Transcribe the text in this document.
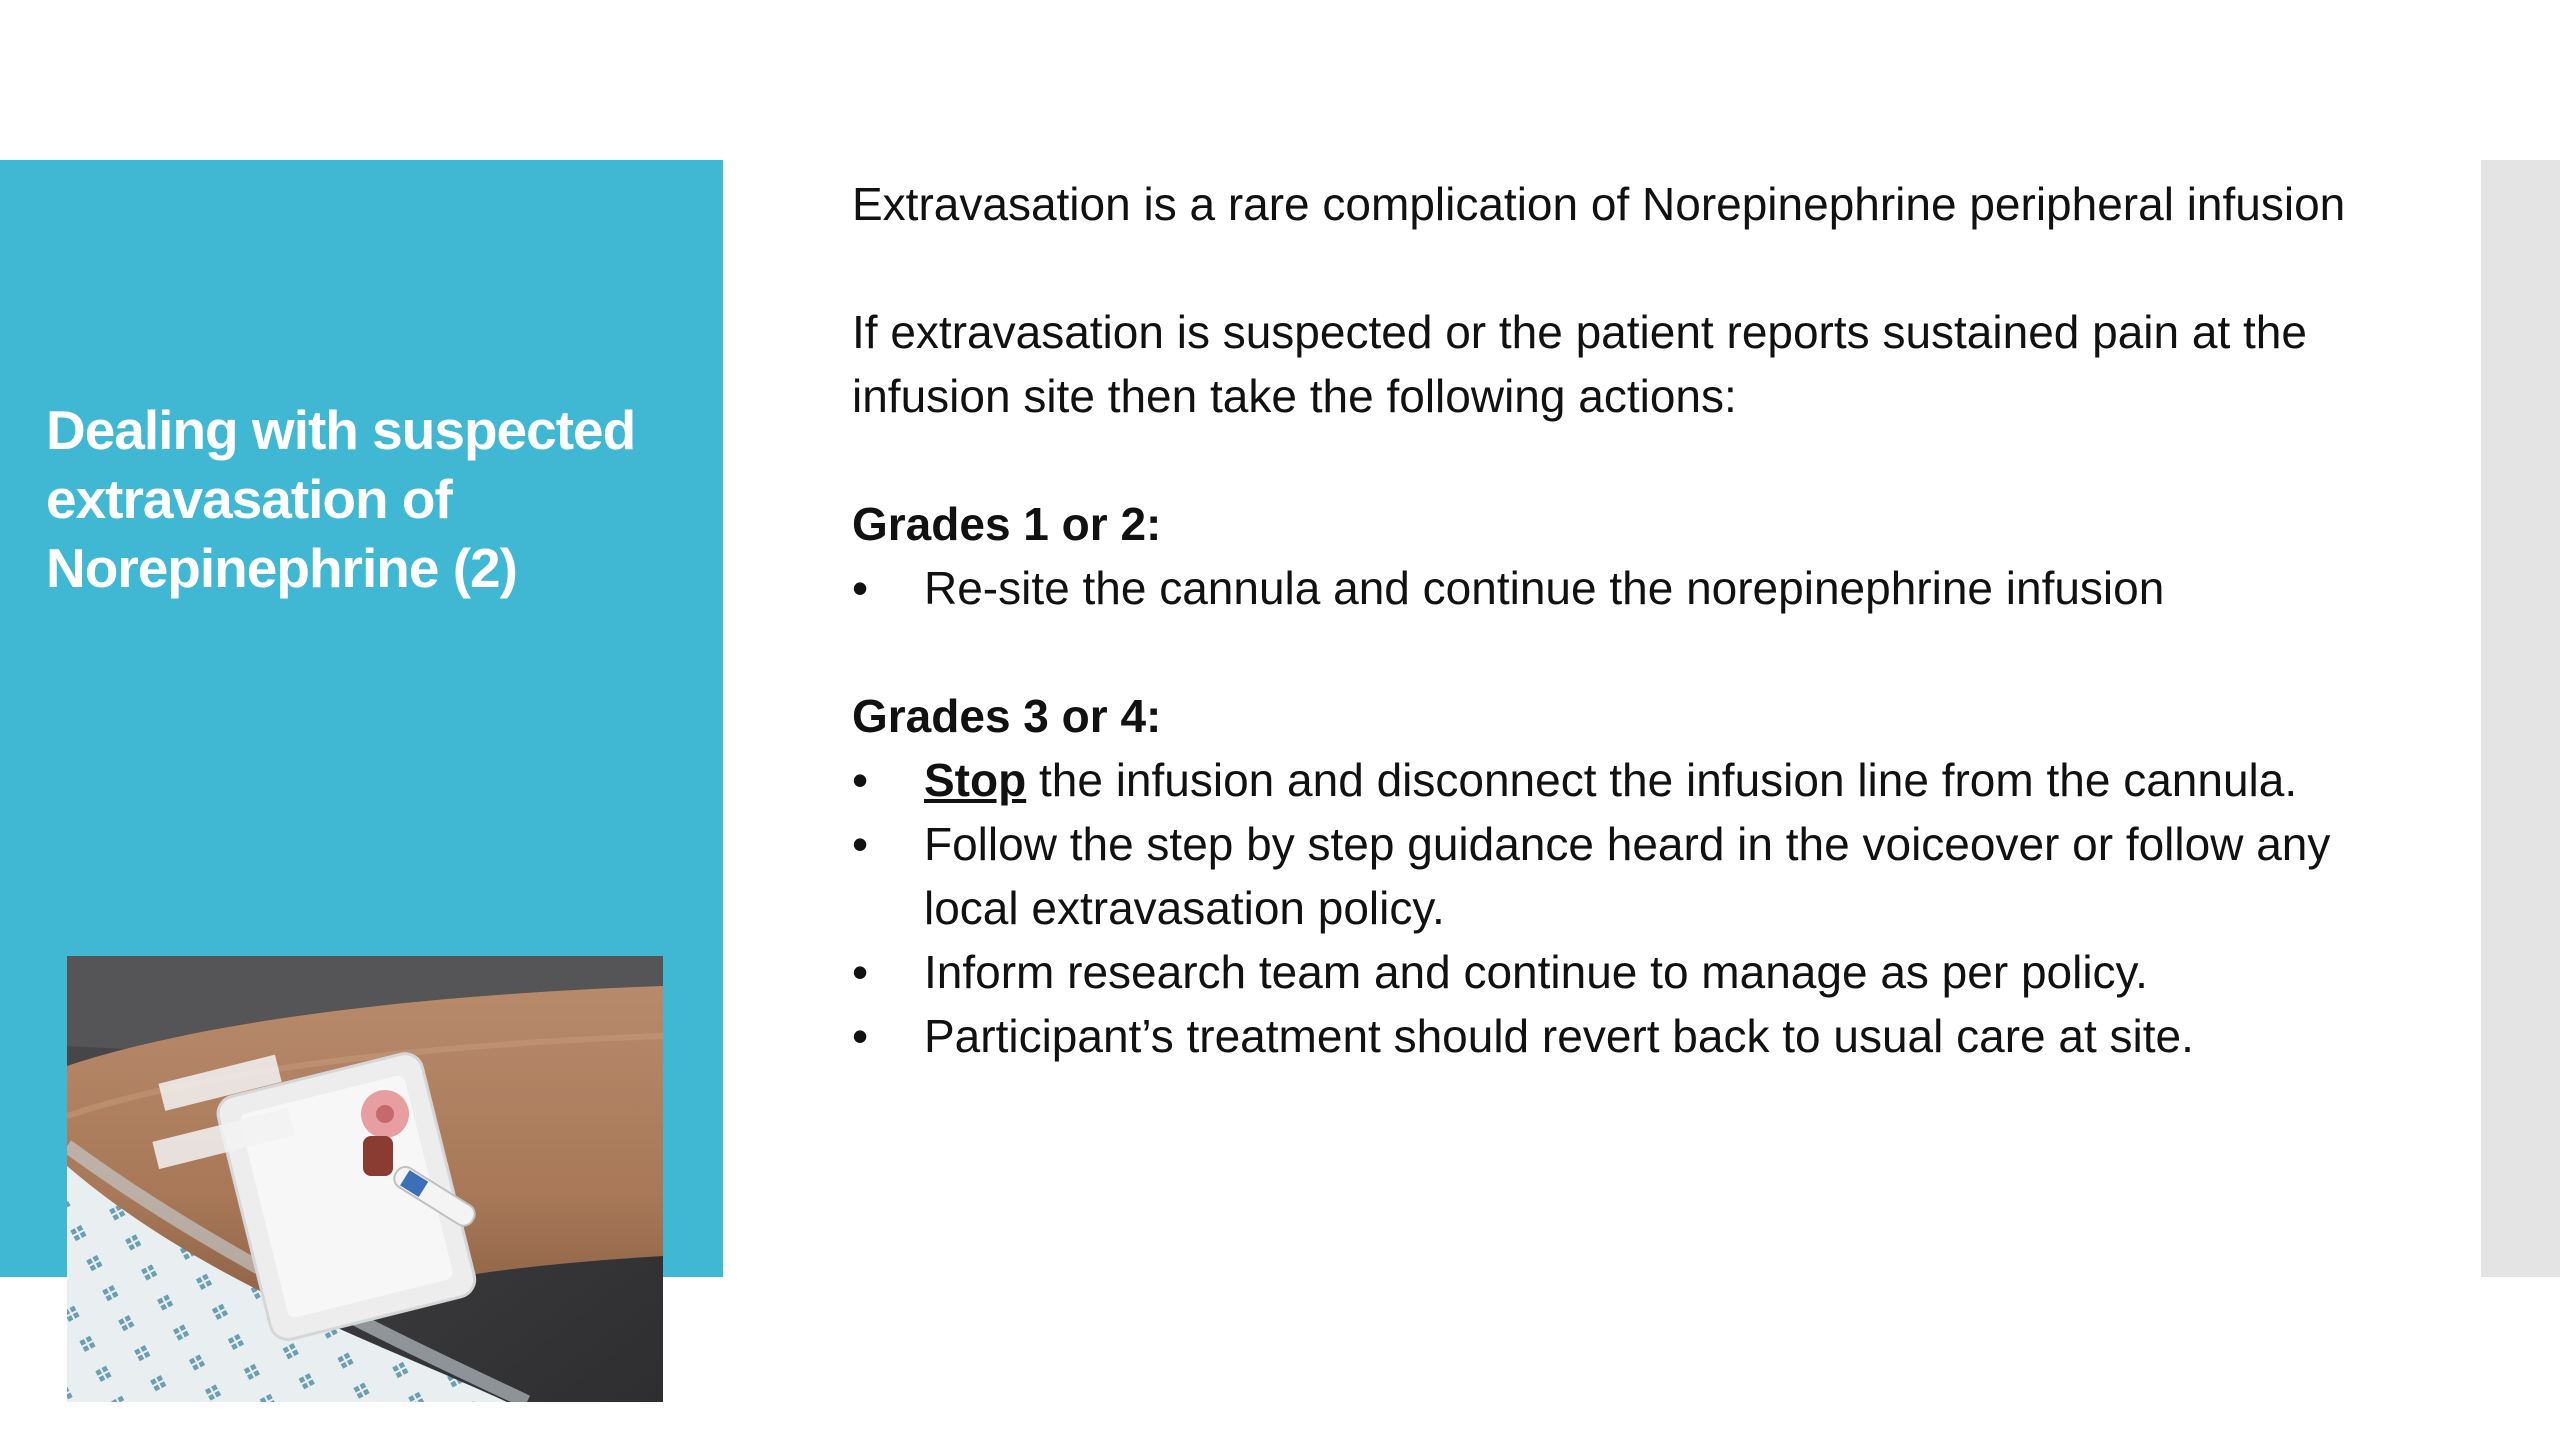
Dealing with suspected
extravasation of
Norepinephrine (2)

Extravasation is a rare complication of Norepinephrine peripheral infusion

If extravasation is suspected or the patient reports sustained pain at the infusion site then take the following actions:

Grades 1 or 2:

• Re-site the cannula and continue the norepinephrine infusion

Grades 3 or 4:

• Stop the infusion and disconnect the infusion line from the cannula.
• Follow the step by step guidance heard in the voiceover or follow any  local extravasation policy.
• Inform research team and continue to manage as per policy.
• Participant’s treatment should revert back to usual care at site.
